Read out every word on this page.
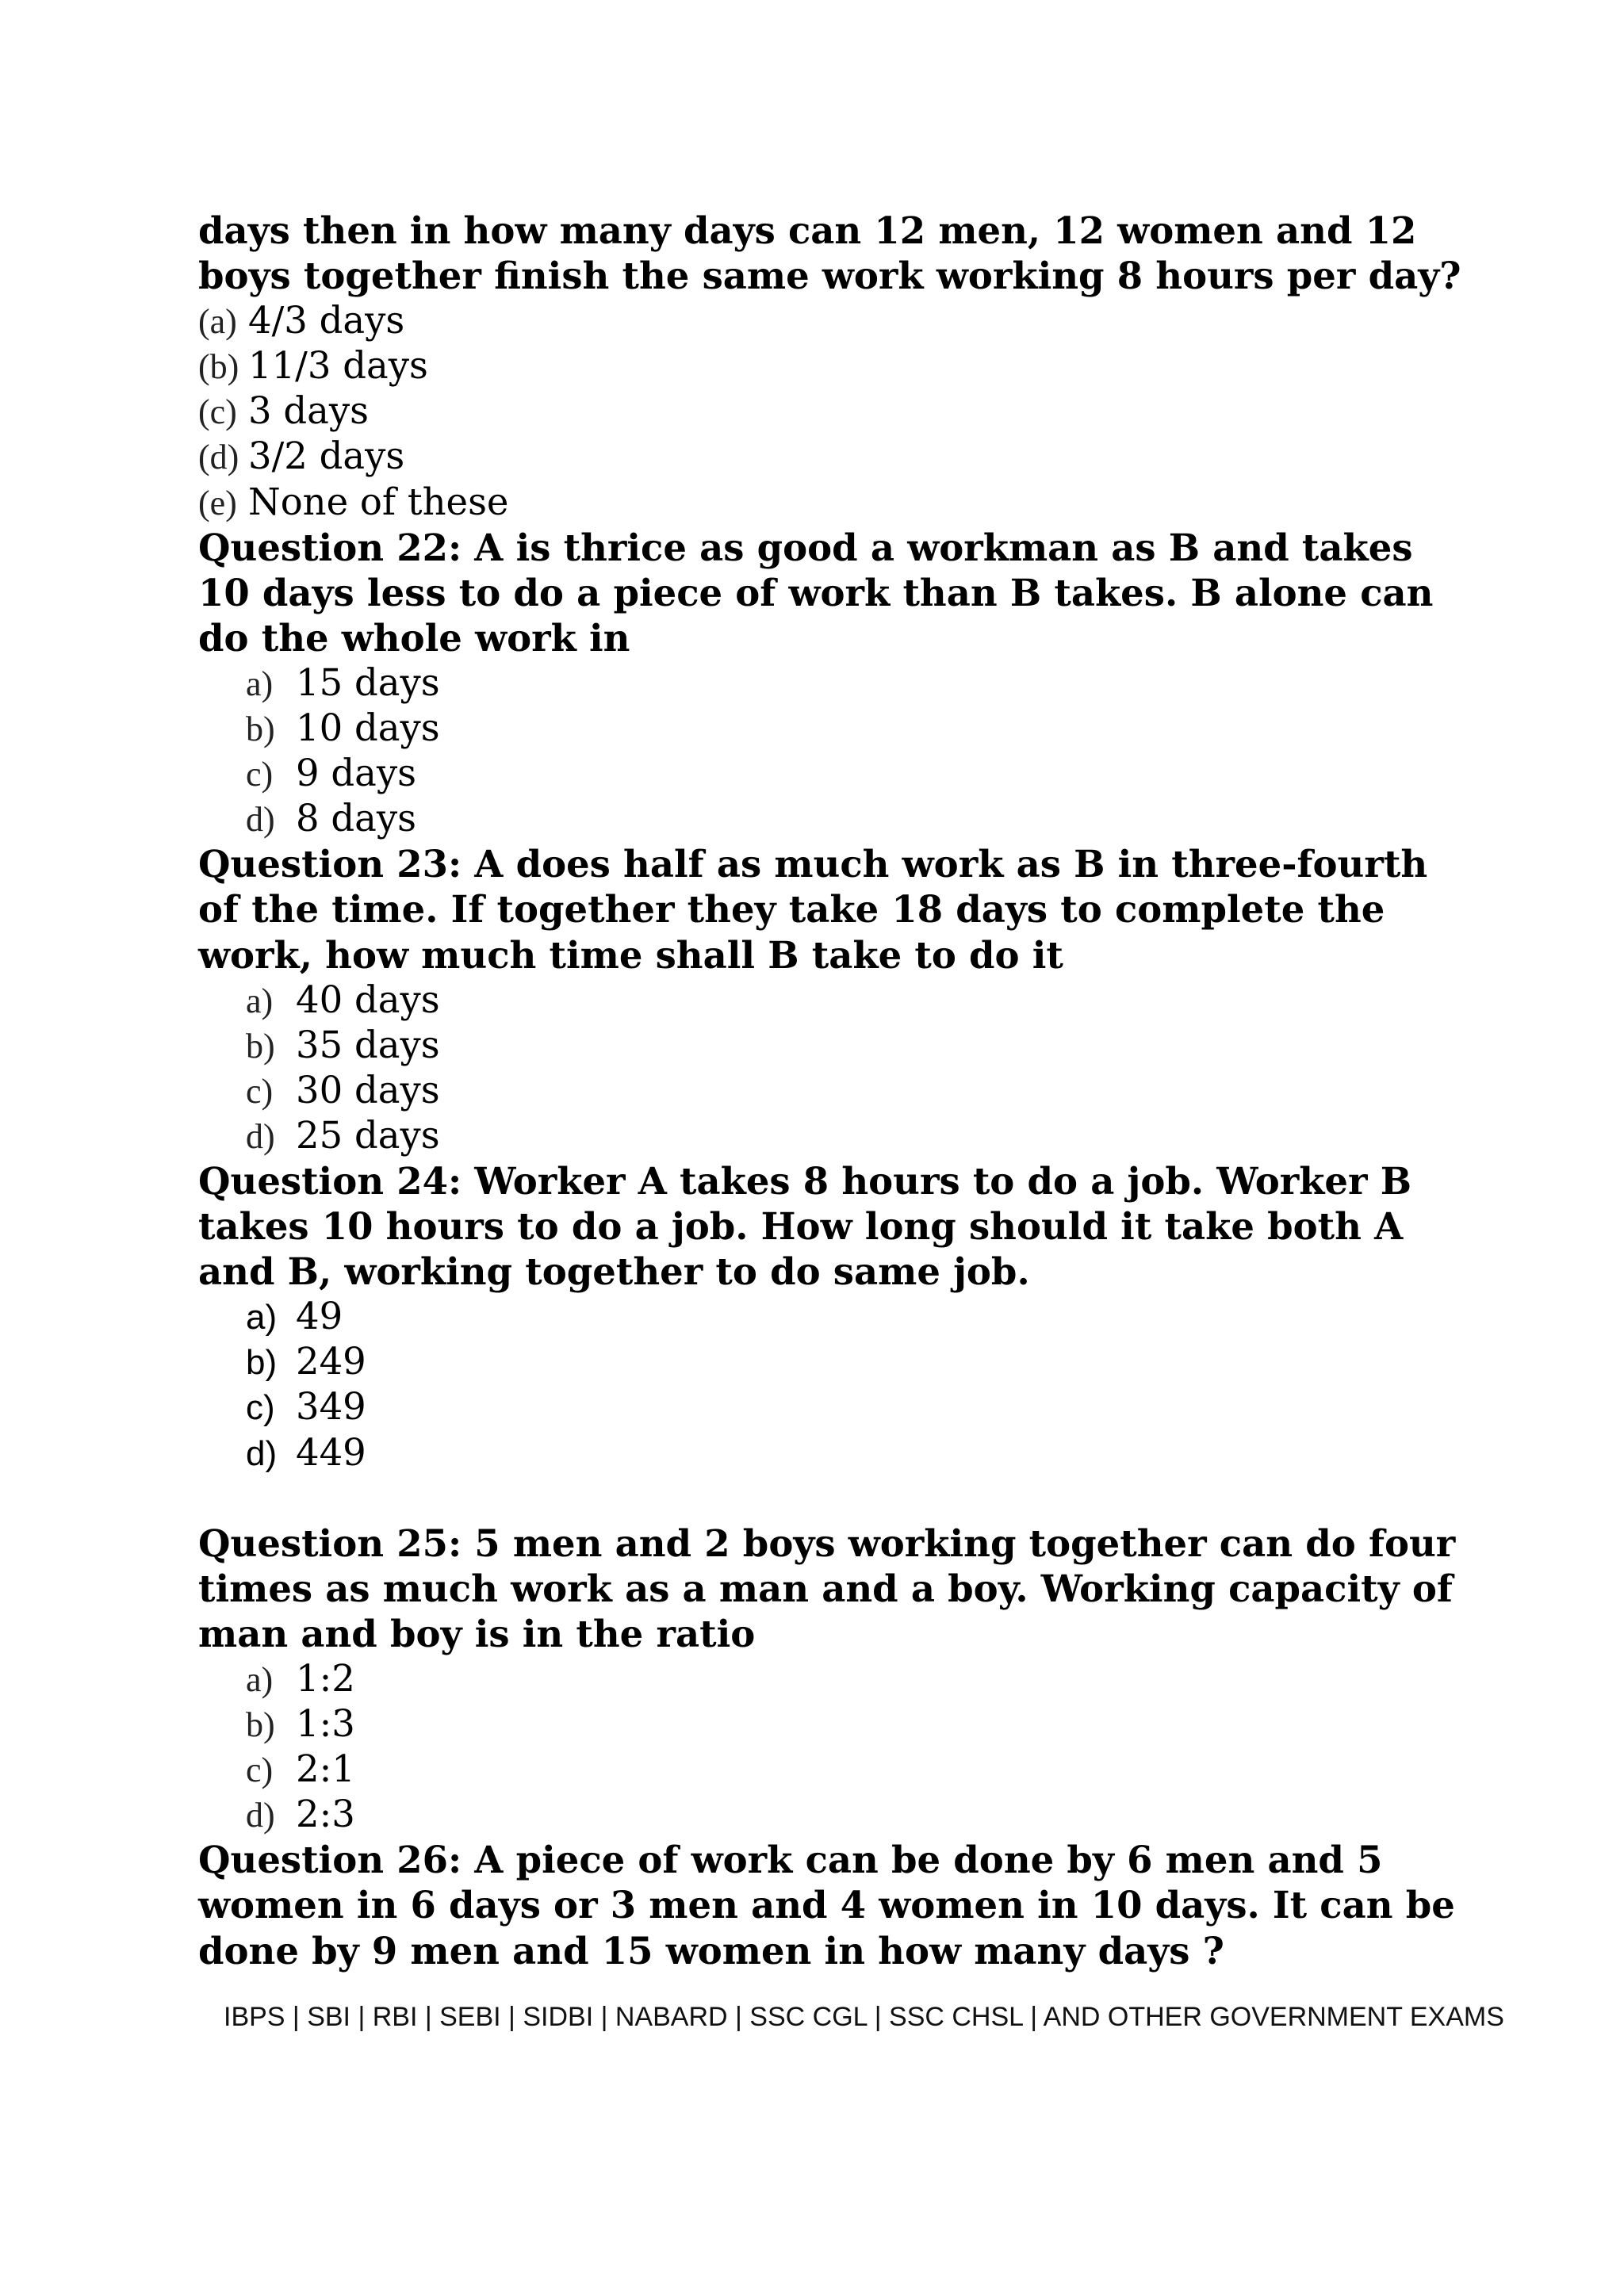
days then in how many days can 12 men, 12 women and 12
boys together finish the same work working 8 hours per day?
(a) 4/3 days
(b) 11/3 days
(c) 3 days
(d) 3/2 days
(e) None of these
Question 22: A is thrice as good a workman as B and takes
10 days less to do a piece of work than B takes. B alone can
do the whole work in
a) 15 days
b) 10 days
c) 9 days
d) 8 days
Question 23: A does half as much work as B in three-fourth
of the time. If together they take 18 days to complete the
work, how much time shall B take to do it
a) 40 days
b) 35 days
c) 30 days
d) 25 days
Question 24: Worker A takes 8 hours to do a job. Worker B
takes 10 hours to do a job. How long should it take both A
and B, working together to do same job.
a) 49
b) 249
c) 349
d) 449
Question 25: 5 men and 2 boys working together can do four
times as much work as a man and a boy. Working capacity of
man and boy is in the ratio
a) 1:2
b) 1:3
c) 2:1
d) 2:3
Question 26: A piece of work can be done by 6 men and 5
women in 6 days or 3 men and 4 women in 10 days. It can be
done by 9 men and 15 women in how many days ?
IBPS | SBI | RBI | SEBI | SIDBI | NABARD | SSC CGL | SSC CHSL | AND OTHER GOVERNMENT EXAMS
